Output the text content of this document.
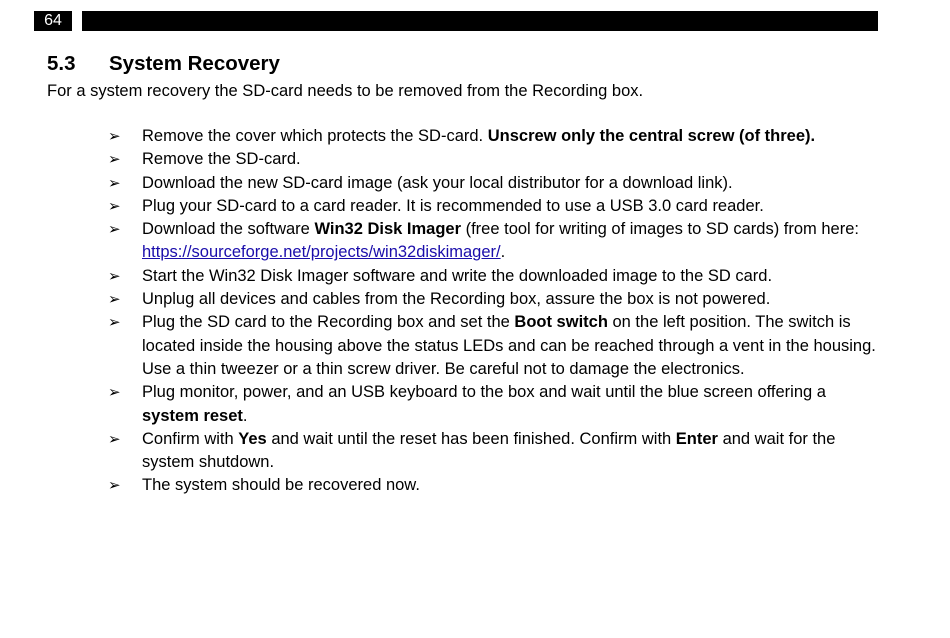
64
5.3 System Recovery

For a system recovery the SD-card needs to be removed from the Recording box.

➢	Remove the cover which protects the SD-card. Unscrew only the central screw (of three).
➢	Remove the SD-card.
➢	Download the new SD-card image (ask your local distributor for a download link).
➢	Plug your SD-card to a card reader. It is recommended to use a USB 3.0 card reader.
➢	Download the software Win32 Disk Imager (free tool for writing of images to SD cards) from here: https://sourceforge.net/projects/win32diskimager/.
➢	Start the Win32 Disk Imager software and write the downloaded image to the SD card.
➢	Unplug all devices and cables from the Recording box, assure the box is not powered.
➢	Plug the SD card to the Recording box and set the Boot switch on the left position. The switch is located inside the housing above the status LEDs and can be reached through a vent in the housing. Use a thin tweezer or a thin screw driver. Be careful not to damage the electronics.
➢	Plug monitor, power, and an USB keyboard to the box and wait until the blue screen offering a system reset.
➢	Confirm with Yes and wait until the reset has been finished. Confirm with Enter and wait for the system shutdown.
➢	The system should be recovered now.
